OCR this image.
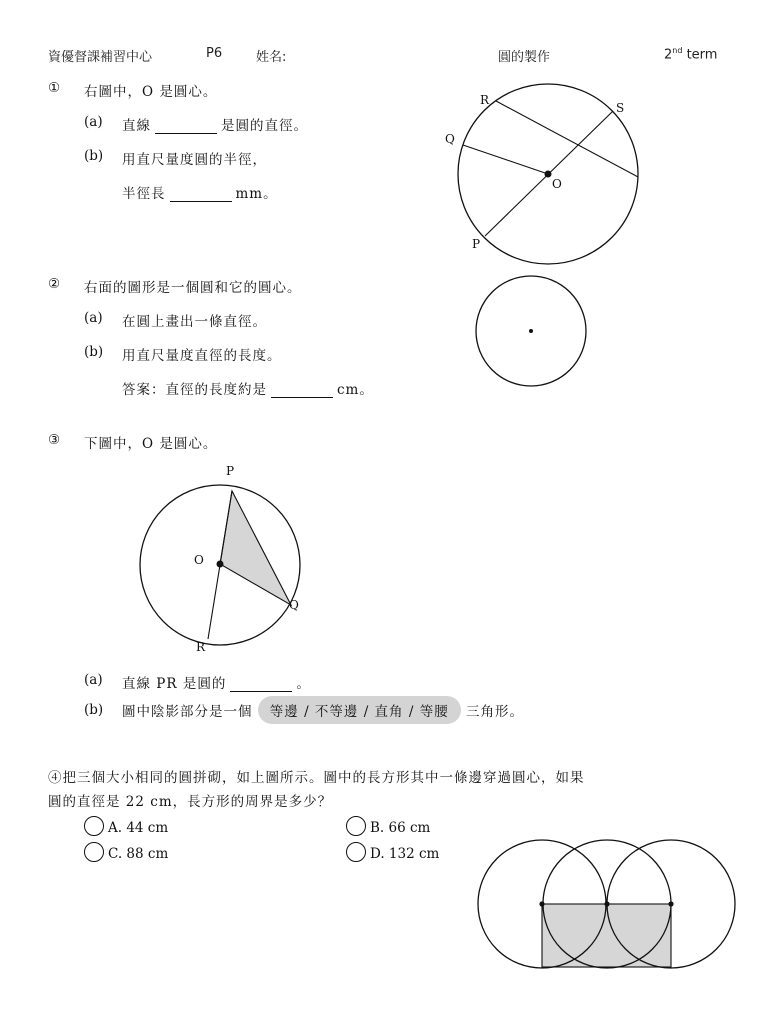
資優督課補習中心	P6	姓名:	圓的製作	2nd term
① 右圖中，O 是圓心。
(a) 直線	是圓的直徑。
(b) 用直尺量度圓的半徑，
半徑長	mm。
R
S
Q
O
P
② 右面的圖形是一個圓和它的圓心。
(a) 在圓上畫出一條直徑。
(b) 用直尺量度直徑的長度。
答案：直徑的長度約是	cm。
③ 下圖中，O 是圓心。
P
O
Q
R
(a) 直線 PR 是圓的	。
(b) 圖中陰影部分是一個 等邊 / 不等邊 / 直角 / 等腰 三角形。
④把三個大小相同的圓拼砌，如上圖所示。圖中的長方形其中一條邊穿過圓心，如果
圓的直徑是 22 cm，長方形的周界是多少？
A. 44 cm	B. 66 cm
C. 88 cm	D. 132 cm
